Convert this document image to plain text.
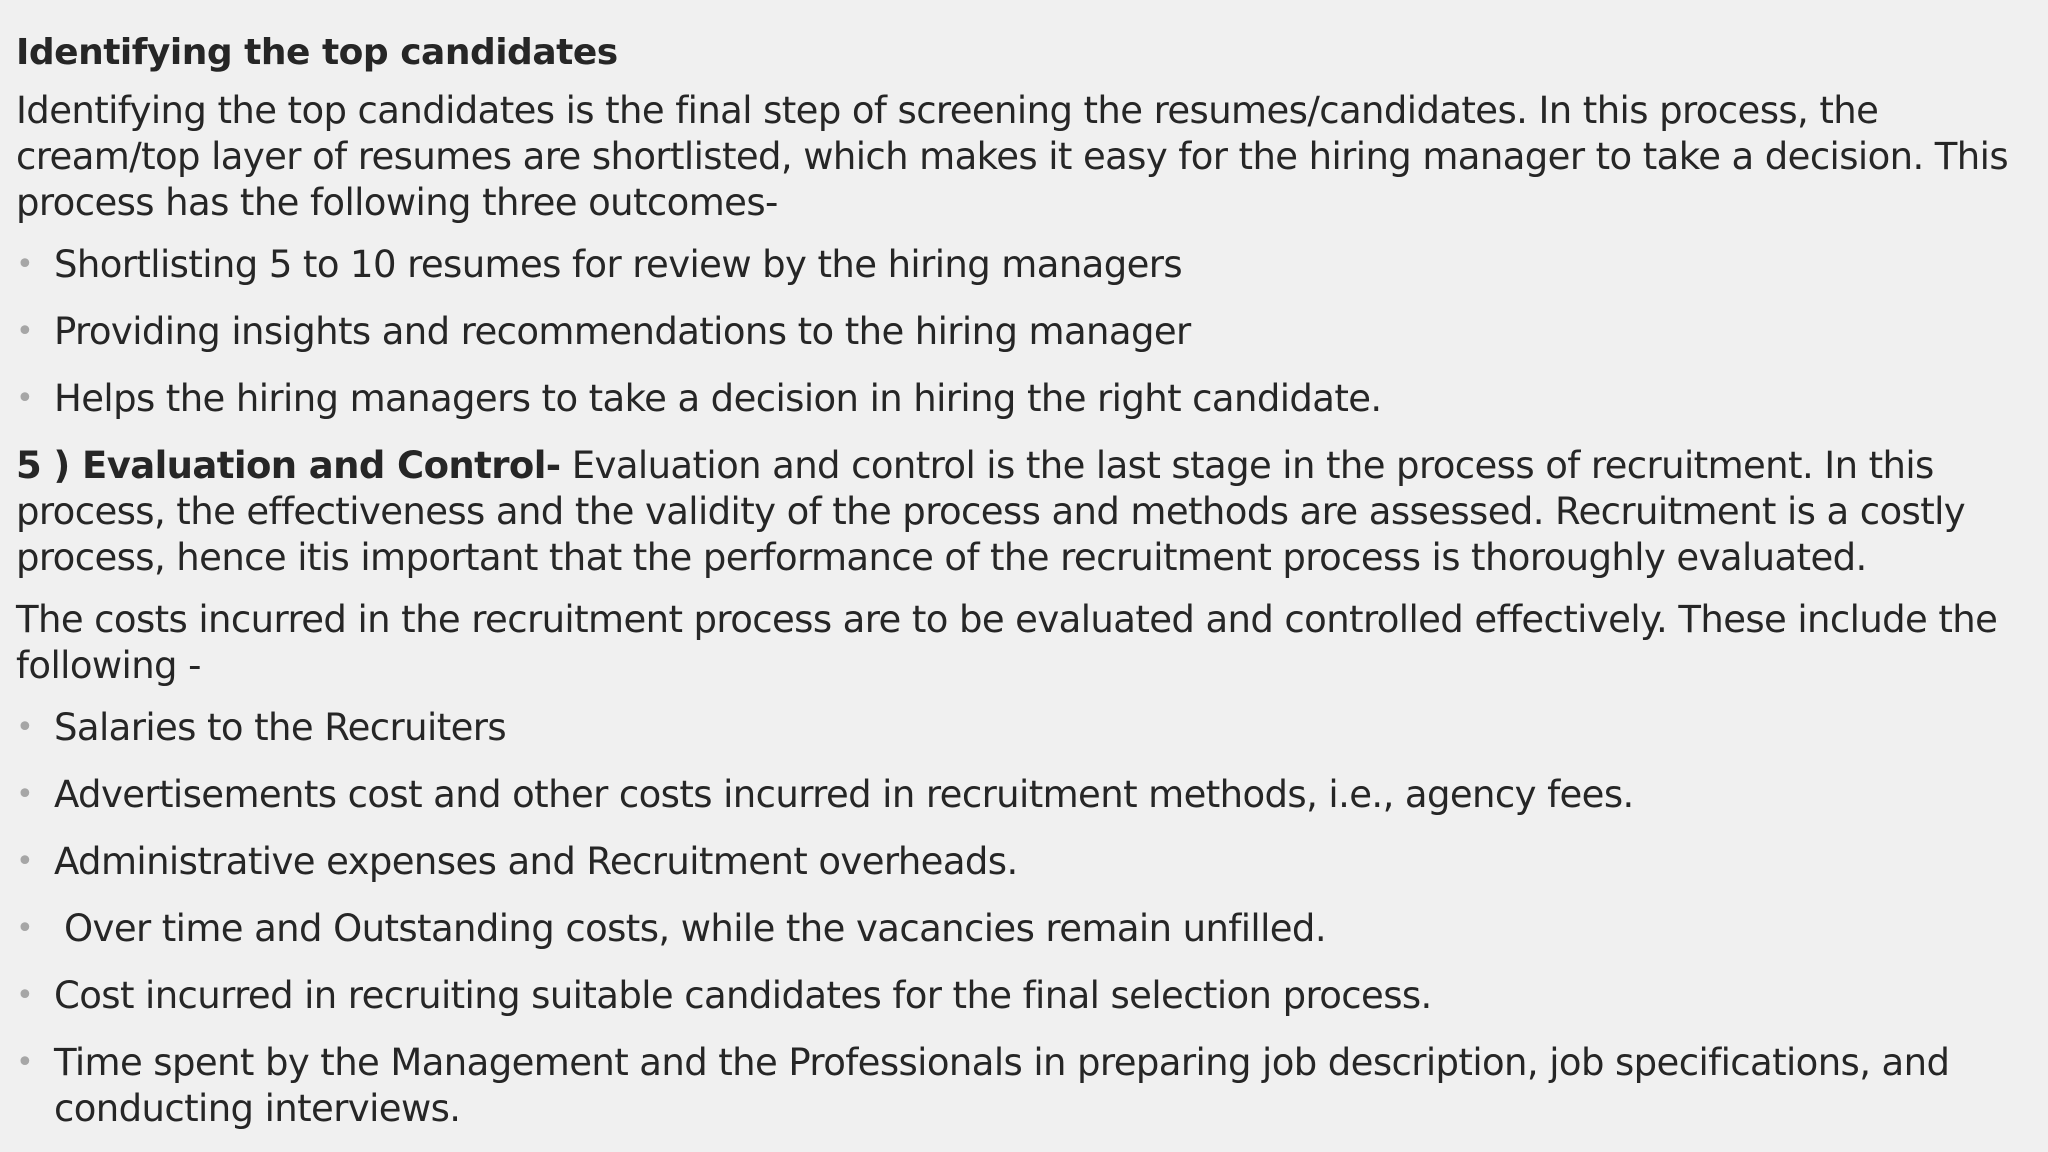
Identifying the top candidates

Identifying the top candidates is the final step of screening the resumes/candidates. In this process, the cream/top layer of resumes are shortlisted, which makes it easy for the hiring manager to take a decision. This process has the following three outcomes-

• Shortlisting 5 to 10 resumes for review by the hiring managers
• Providing insights and recommendations to the hiring manager
• Helps the hiring managers to take a decision in hiring the right candidate.

5 ) Evaluation and Control- Evaluation and control is the last stage in the process of recruitment. In this process, the effectiveness and the validity of the process and methods are assessed. Recruitment is a costly process, hence itis important that the performance of the recruitment process is thoroughly evaluated.

The costs incurred in the recruitment process are to be evaluated and controlled effectively. These include the following -

• Salaries to the Recruiters
• Advertisements cost and other costs incurred in recruitment methods, i.e., agency fees.
• Administrative expenses and Recruitment overheads.
• Over time and Outstanding costs, while the vacancies remain unfilled.
• Cost incurred in recruiting suitable candidates for the final selection process.
• Time spent by the Management and the Professionals in preparing job description, job specifications, and conducting interviews.
